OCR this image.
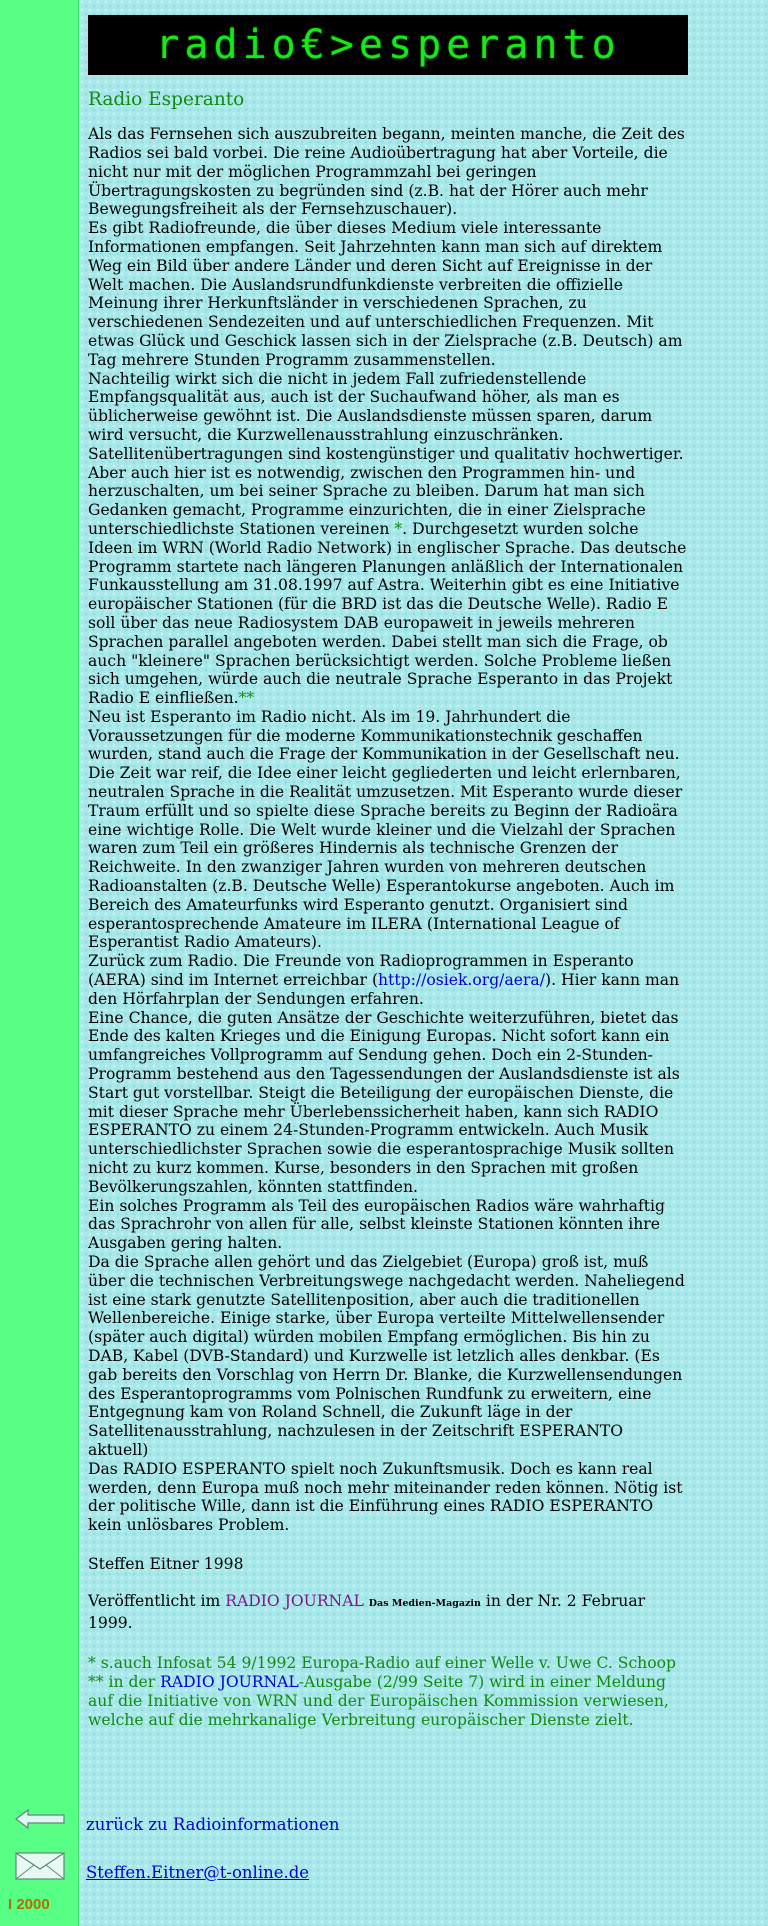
I 2000
radio€>esperanto
Radio Esperanto

Als das Fernsehen sich auszubreiten begann, meinten manche, die Zeit des Radios sei bald vorbei. Die reine Audioübertragung hat aber Vorteile, die nicht nur mit der möglichen Programmzahl bei geringen Übertragungskosten zu begründen sind (z.B. hat der Hörer auch mehr Bewegungsfreiheit als der Fernsehzuschauer).

Es gibt Radiofreunde, die über dieses Medium viele interessante Informationen empfangen. Seit Jahrzehnten kann man sich auf direktem Weg ein Bild über andere Länder und deren Sicht auf Ereignisse in der Welt machen. Die Auslandsrundfunkdienste verbreiten die offizielle Meinung ihrer Herkunftsländer in verschiedenen Sprachen, zu verschiedenen Sendezeiten und auf unterschiedlichen Frequenzen. Mit etwas Glück und Geschick lassen sich in der Zielsprache (z.B. Deutsch) am Tag mehrere Stunden Programm zusammenstellen.

Nachteilig wirkt sich die nicht in jedem Fall zufriedenstellende Empfangsqualität aus, auch ist der Suchaufwand höher, als man es üblicherweise gewöhnt ist. Die Auslandsdienste müssen sparen, darum wird versucht, die Kurzwellenausstrahlung einzuschränken. Satellitenübertragungen sind kostengünstiger und qualitativ hochwertiger. Aber auch hier ist es notwendig, zwischen den Programmen hin- und herzuschalten, um bei seiner Sprache zu bleiben. Darum hat man sich Gedanken gemacht, Programme einzurichten, die in einer Zielsprache unterschiedlichste Stationen vereinen *. Durchgesetzt wurden solche Ideen im WRN (World Radio Network) in englischer Sprache. Das deutsche Programm startete nach längeren Planungen anläßlich der Internationalen Funkausstellung am 31.08.1997 auf Astra. Weiterhin gibt es eine Initiative europäischer Stationen (für die BRD ist das die Deutsche Welle). Radio E soll über das neue Radiosystem DAB europaweit in jeweils mehreren Sprachen parallel angeboten werden. Dabei stellt man sich die Frage, ob auch "kleinere" Sprachen berücksichtigt werden. Solche Probleme ließen sich umgehen, würde auch die neutrale Sprache Esperanto in das Projekt Radio E einfließen.**

Neu ist Esperanto im Radio nicht. Als im 19. Jahrhundert die Voraussetzungen für die moderne Kommunikationstechnik geschaffen wurden, stand auch die Frage der Kommunikation in der Gesellschaft neu. Die Zeit war reif, die Idee einer leicht gegliederten und leicht erlernbaren, neutralen Sprache in die Realität umzusetzen. Mit Esperanto wurde dieser Traum erfüllt und so spielte diese Sprache bereits zu Beginn der Radioära eine wichtige Rolle. Die Welt wurde kleiner und die Vielzahl der Sprachen waren zum Teil ein größeres Hindernis als technische Grenzen der Reichweite. In den zwanziger Jahren wurden von mehreren deutschen Radioanstalten (z.B. Deutsche Welle) Esperantokurse angeboten. Auch im Bereich des Amateurfunks wird Esperanto genutzt. Organisiert sind esperantosprechende Amateure im ILERA (International League of Esperantist Radio Amateurs).

Zurück zum Radio. Die Freunde von Radioprogrammen in Esperanto (AERA) sind im Internet erreichbar (http://osiek.org/aera/). Hier kann man den Hörfahrplan der Sendungen erfahren.

Eine Chance, die guten Ansätze der Geschichte weiterzuführen, bietet das Ende des kalten Krieges und die Einigung Europas. Nicht sofort kann ein umfangreiches Vollprogramm auf Sendung gehen. Doch ein 2-Stunden- Programm bestehend aus den Tagessendungen der Auslandsdienste ist als Start gut vorstellbar. Steigt die Beteiligung der europäischen Dienste, die mit dieser Sprache mehr Überlebenssicherheit haben, kann sich RADIO ESPERANTO zu einem 24-Stunden-Programm entwickeln. Auch Musik unterschiedlichster Sprachen sowie die esperantosprachige Musik sollten nicht zu kurz kommen. Kurse, besonders in den Sprachen mit großen Bevölkerungszahlen, könnten stattfinden.

Ein solches Programm als Teil des europäischen Radios wäre wahrhaftig das Sprachrohr von allen für alle, selbst kleinste Stationen könnten ihre Ausgaben gering halten.

Da die Sprache allen gehört und das Zielgebiet (Europa) groß ist, muß über die technischen Verbreitungswege nachgedacht werden. Naheliegend ist eine stark genutzte Satellitenposition, aber auch die traditionellen Wellenbereiche. Einige starke, über Europa verteilte Mittelwellensender (später auch digital) würden mobilen Empfang ermöglichen. Bis hin zu DAB, Kabel (DVB-Standard) und Kurzwelle ist letzlich alles denkbar. (Es gab bereits den Vorschlag von Herrn Dr. Blanke, die Kurzwellensendungen des Esperantoprogramms vom Polnischen Rundfunk zu erweitern, eine Entgegnung kam von Roland Schnell, die Zukunft läge in der Satellitenausstrahlung, nachzulesen in der Zeitschrift ESPERANTO aktuell)

Das RADIO ESPERANTO spielt noch Zukunftsmusik. Doch es kann real werden, denn Europa muß noch mehr miteinander reden können. Nötig ist der politische Wille, dann ist die Einführung eines RADIO ESPERANTO kein unlösbares Problem.

Steffen Eitner 1998

Veröffentlicht im RADIO JOURNAL Das Medien-Magazin in der Nr. 2 Februar 1999.

* s.auch Infosat 54 9/1992 Europa-Radio auf einer Welle v. Uwe C. Schoop

** in der RADIO JOURNAL-Ausgabe (2/99 Seite 7) wird in einer Meldung auf die Initiative von WRN und der Europäischen Kommission verwiesen, welche auf die mehrkanalige Verbreitung europäischer Dienste zielt.

zurück zu Radioinformationen
Steffen.Eitner@t-online.de
